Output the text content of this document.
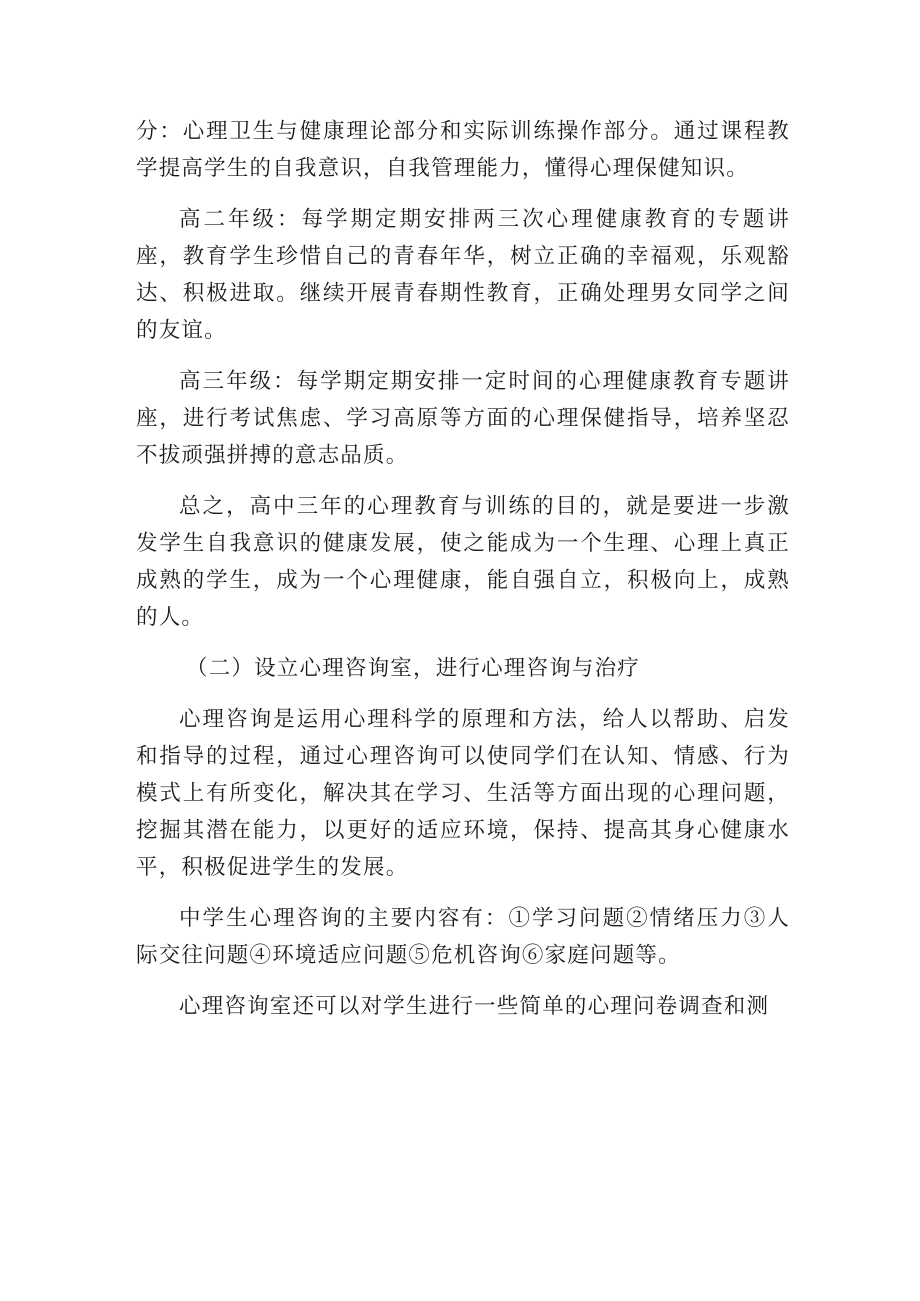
分：心理卫生与健康理论部分和实际训练操作部分。通过课程教学提高学生的自我意识，自我管理能力，懂得心理保健知识。

高二年级：每学期定期安排两三次心理健康教育的专题讲座，教育学生珍惜自己的青春年华，树立正确的幸福观，乐观豁达、积极进取。继续开展青春期性教育，正确处理男女同学之间的友谊。

高三年级：每学期定期安排一定时间的心理健康教育专题讲座，进行考试焦虑、学习高原等方面的心理保健指导，培养坚忍不拔顽强拼搏的意志品质。

总之，高中三年的心理教育与训练的目的，就是要进一步激发学生自我意识的健康发展，使之能成为一个生理、心理上真正成熟的学生，成为一个心理健康，能自强自立，积极向上，成熟的人。

（二）设立心理咨询室，进行心理咨询与治疗

心理咨询是运用心理科学的原理和方法，给人以帮助、启发和指导的过程，通过心理咨询可以使同学们在认知、情感、行为模式上有所变化，解决其在学习、生活等方面出现的心理问题，挖掘其潜在能力，以更好的适应环境，保持、提高其身心健康水平，积极促进学生的发展。

中学生心理咨询的主要内容有：①学习问题②情绪压力③人际交往问题④环境适应问题⑤危机咨询⑥家庭问题等。

心理咨询室还可以对学生进行一些简单的心理问卷调查和测
